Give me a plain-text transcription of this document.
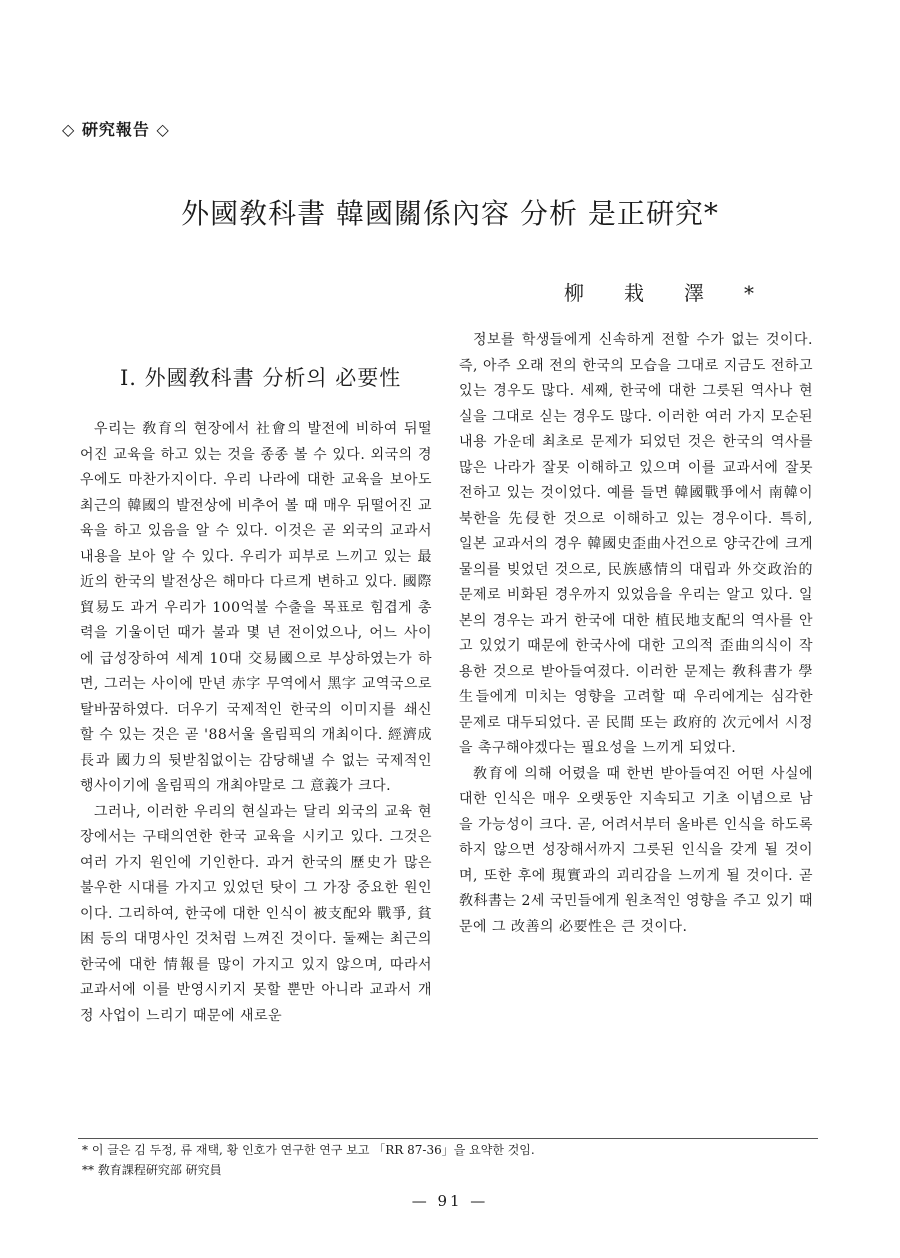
◇ 硏究報告 ◇
外國敎科書 韓國關係內容 分析 是正硏究*
柳栽澤*
Ⅰ. 外國敎科書 分析의 必要性

우리는 敎育의 현장에서 社會의 발전에 비하여 뒤떨어진 교육을 하고 있는 것을 종종 볼 수 있다. 외국의 경우에도 마찬가지이다. 우리 나라에 대한 교육을 보아도 최근의 韓國의 발전상에 비추어 볼 때 매우 뒤떨어진 교육을 하고 있음을 알 수 있다. 이것은 곧 외국의 교과서 내용을 보아 알 수 있다. 우리가 피부로 느끼고 있는 最近의 한국의 발전상은 해마다 다르게 변하고 있다. 國際貿易도 과거 우리가 100억불 수출을 목표로 힘겹게 총력을 기울이던 때가 불과 몇 년 전이었으나, 어느 사이에 급성장하여 세계 10대 交易國으로 부상하였는가 하면, 그러는 사이에 만년 赤字 무역에서 黑字 교역국으로 탈바꿈하였다. 더우기 국제적인 한국의 이미지를 쇄신할 수 있는 것은 곧 '88서울 올림픽의 개최이다. 經濟成長과 國力의 뒷받침없이는 감당해낼 수 없는 국제적인 행사이기에 올림픽의 개최야말로 그 意義가 크다.

그러나, 이러한 우리의 현실과는 달리 외국의 교육 현장에서는 구태의연한 한국 교육을 시키고 있다. 그것은 여러 가지 원인에 기인한다. 과거 한국의 歷史가 많은 불우한 시대를 가지고 있었던 탓이 그 가장 중요한 원인이다. 그리하여, 한국에 대한 인식이 被支配와 戰爭, 貧困 등의 대명사인 것처럼 느껴진 것이다. 둘째는 최근의 한국에 대한 情報를 많이 가지고 있지 않으며, 따라서 교과서에 이를 반영시키지 못할 뿐만 아니라 교과서 개정 사업이 느리기 때문에 새로운

정보를 학생들에게 신속하게 전할 수가 없는 것이다. 즉, 아주 오래 전의 한국의 모습을 그대로 지금도 전하고 있는 경우도 많다. 세째, 한국에 대한 그릇된 역사나 현실을 그대로 싣는 경우도 많다. 이러한 여러 가지 모순된 내용 가운데 최초로 문제가 되었던 것은 한국의 역사를 많은 나라가 잘못 이해하고 있으며 이를 교과서에 잘못 전하고 있는 것이었다. 예를 들면 韓國戰爭에서 南韓이 북한을 先侵한 것으로 이해하고 있는 경우이다. 특히, 일본 교과서의 경우 韓國史歪曲사건으로 양국간에 크게 물의를 빚었던 것으로, 民族感情의 대립과 外交政治的 문제로 비화된 경우까지 있었음을 우리는 알고 있다. 일본의 경우는 과거 한국에 대한 植民地支配의 역사를 안고 있었기 때문에 한국사에 대한 고의적 歪曲의식이 작용한 것으로 받아들여졌다. 이러한 문제는 敎科書가 學生들에게 미치는 영향을 고려할 때 우리에게는 심각한 문제로 대두되었다. 곧 民間 또는 政府的 次元에서 시정을 촉구해야겠다는 필요성을 느끼게 되었다.

敎育에 의해 어렸을 때 한번 받아들여진 어떤 사실에 대한 인식은 매우 오랫동안 지속되고 기초 이념으로 남을 가능성이 크다. 곧, 어려서부터 올바른 인식을 하도록 하지 않으면 성장해서까지 그릇된 인식을 갖게 될 것이며, 또한 후에 現實과의 괴리감을 느끼게 될 것이다. 곧 敎科書는 2세 국민들에게 원초적인 영향을 주고 있기 때문에 그 改善의 必要性은 큰 것이다.

* 이 글은 김 두정, 류 재택, 황 인호가 연구한 연구 보고 「RR 87-36」을 요약한 것임.
** 敎育課程硏究部 硏究員
— 91 —
